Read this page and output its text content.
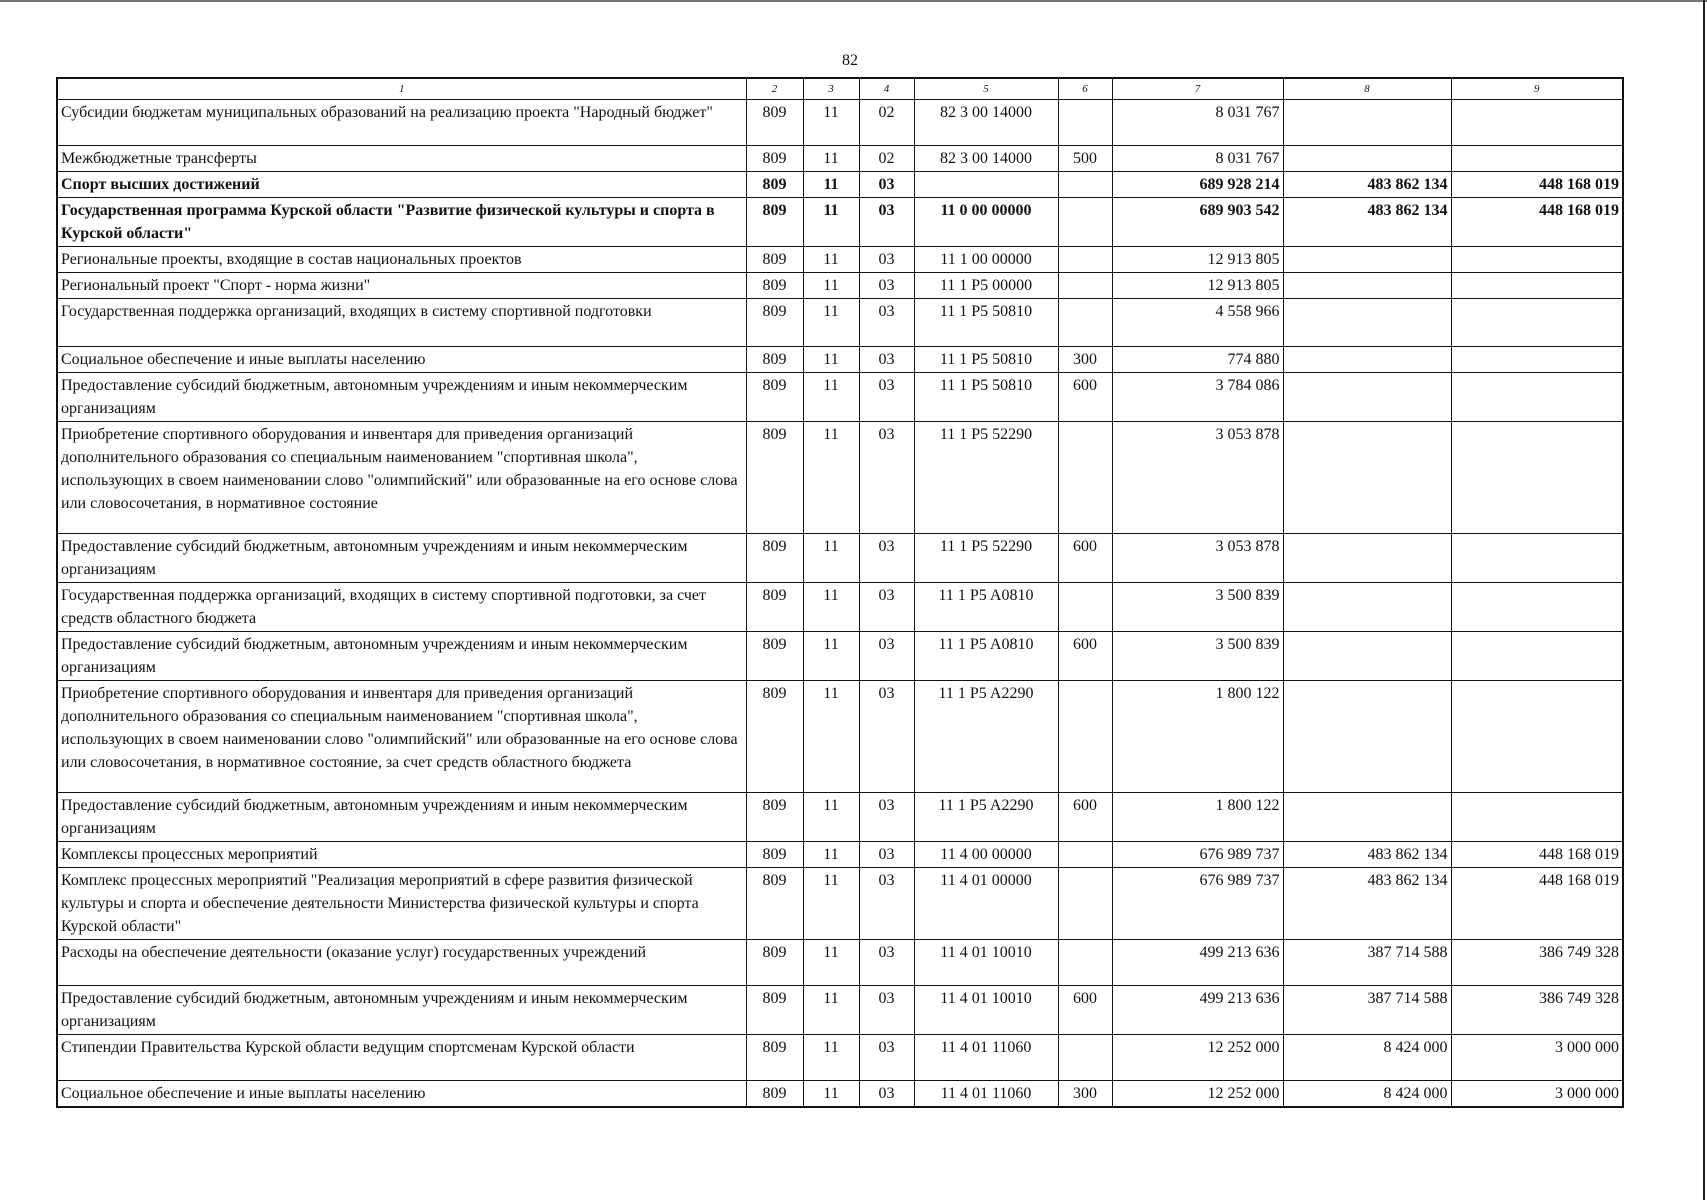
82
1	2	3	4	5	6	7	8	9
Субсидии бюджетам муниципальных образований на реализацию проекта "Народный бюджет"	809	11	02	82 3 00 14000		8 031 767		
Межбюджетные трансферты	809	11	02	82 3 00 14000	500	8 031 767		
Спорт высших достижений	809	11	03			689 928 214	483 862 134	448 168 019
Государственная программа Курской области "Развитие физической культуры и спорта в Курской области"	809	11	03	11 0 00 00000		689 903 542	483 862 134	448 168 019
Региональные проекты, входящие в состав национальных проектов	809	11	03	11 1 00 00000		12 913 805		
Региональный проект "Спорт - норма жизни"	809	11	03	11 1 P5 00000		12 913 805		
Государственная поддержка организаций, входящих в систему спортивной подготовки	809	11	03	11 1 P5 50810		4 558 966		
Социальное обеспечение и иные выплаты населению	809	11	03	11 1 P5 50810	300	774 880		
Предоставление субсидий бюджетным, автономным учреждениям и иным некоммерческим организациям	809	11	03	11 1 P5 50810	600	3 784 086		
Приобретение спортивного оборудования и инвентаря для приведения организаций дополнительного образования со специальным наименованием "спортивная школа", использующих в своем наименовании слово "олимпийский" или образованные на его основе слова или словосочетания, в нормативное состояние	809	11	03	11 1 P5 52290		3 053 878		
Предоставление субсидий бюджетным, автономным учреждениям и иным некоммерческим организациям	809	11	03	11 1 P5 52290	600	3 053 878		
Государственная поддержка организаций, входящих в систему спортивной подготовки, за счет средств областного бюджета	809	11	03	11 1 P5 A0810		3 500 839		
Предоставление субсидий бюджетным, автономным учреждениям и иным некоммерческим организациям	809	11	03	11 1 P5 A0810	600	3 500 839		
Приобретение спортивного оборудования и инвентаря для приведения организаций дополнительного образования со специальным наименованием "спортивная школа", использующих в своем наименовании слово "олимпийский" или образованные на его основе слова или словосочетания, в нормативное состояние, за счет средств областного бюджета	809	11	03	11 1 P5 A2290		1 800 122		
Предоставление субсидий бюджетным, автономным учреждениям и иным некоммерческим организациям	809	11	03	11 1 P5 A2290	600	1 800 122		
Комплексы процессных мероприятий	809	11	03	11 4 00 00000		676 989 737	483 862 134	448 168 019
Комплекс процессных мероприятий "Реализация мероприятий в сфере развития физической культуры и спорта и обеспечение деятельности Министерства физической культуры и спорта Курской области"	809	11	03	11 4 01 00000		676 989 737	483 862 134	448 168 019
Расходы на обеспечение деятельности (оказание услуг) государственных учреждений	809	11	03	11 4 01 10010		499 213 636	387 714 588	386 749 328
Предоставление субсидий бюджетным, автономным учреждениям и иным некоммерческим организациям	809	11	03	11 4 01 10010	600	499 213 636	387 714 588	386 749 328
Стипендии Правительства Курской области ведущим спортсменам Курской области	809	11	03	11 4 01 11060		12 252 000	8 424 000	3 000 000
Социальное обеспечение и иные выплаты населению	809	11	03	11 4 01 11060	300	12 252 000	8 424 000	3 000 000
